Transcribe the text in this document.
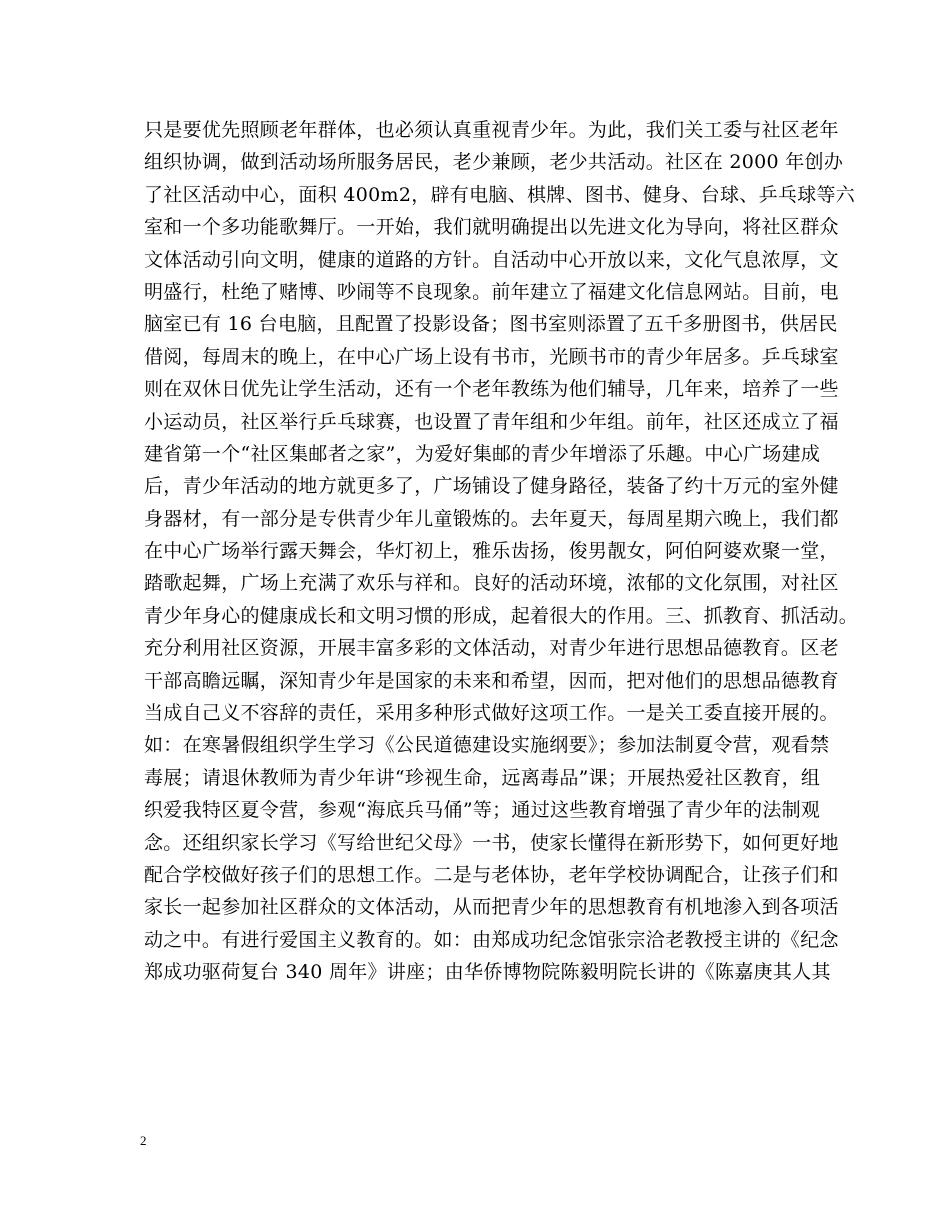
只是要优先照顾老年群体，也必须认真重视青少年。为此，我们关工委与社区老年
组织协调，做到活动场所服务居民，老少兼顾，老少共活动。社区在 2000 年创办
了社区活动中心，面积 400m2，辟有电脑、棋牌、图书、健身、台球、乒乓球等六
室和一个多功能歌舞厅。一开始，我们就明确提出以先进文化为导向，将社区群众
文体活动引向文明，健康的道路的方针。自活动中心开放以来，文化气息浓厚，文
明盛行，杜绝了赌博、吵闹等不良现象。前年建立了福建文化信息网站。目前，电
脑室已有 16 台电脑，且配置了投影设备；图书室则添置了五千多册图书，供居民
借阅，每周末的晚上，在中心广场上设有书市，光顾书市的青少年居多。乒乓球室
则在双休日优先让学生活动，还有一个老年教练为他们辅导，几年来，培养了一些
小运动员，社区举行乒乓球赛，也设置了青年组和少年组。前年，社区还成立了福
建省第一个“社区集邮者之家”，为爱好集邮的青少年增添了乐趣。中心广场建成
后，青少年活动的地方就更多了，广场铺设了健身路径，装备了约十万元的室外健
身器材，有一部分是专供青少年儿童锻炼的。去年夏天，每周星期六晚上，我们都
在中心广场举行露天舞会，华灯初上，雅乐齿扬，俊男靓女，阿伯阿婆欢聚一堂，
踏歌起舞，广场上充满了欢乐与祥和。良好的活动环境，浓郁的文化氛围，对社区
青少年身心的健康成长和文明习惯的形成，起着很大的作用。三、抓教育、抓活动。
充分利用社区资源，开展丰富多彩的文体活动，对青少年进行思想品德教育。区老
干部高瞻远瞩，深知青少年是国家的未来和希望，因而，把对他们的思想品德教育
当成自己义不容辞的责任，采用多种形式做好这项工作。一是关工委直接开展的。
如：在寒暑假组织学生学习《公民道德建设实施纲要》；参加法制夏令营，观看禁
毒展；请退休教师为青少年讲“珍视生命，远离毒品”课；开展热爱社区教育，组
织爱我特区夏令营，参观“海底兵马俑”等；通过这些教育增强了青少年的法制观
念。还组织家长学习《写给世纪父母》一书，使家长懂得在新形势下，如何更好地
配合学校做好孩子们的思想工作。二是与老体协，老年学校协调配合，让孩子们和
家长一起参加社区群众的文体活动，从而把青少年的思想教育有机地渗入到各项活
动之中。有进行爱国主义教育的。如：由郑成功纪念馆张宗洽老教授主讲的《纪念
郑成功驱荷复台 340 周年》讲座；由华侨博物院陈毅明院长讲的《陈嘉庚其人其
2
